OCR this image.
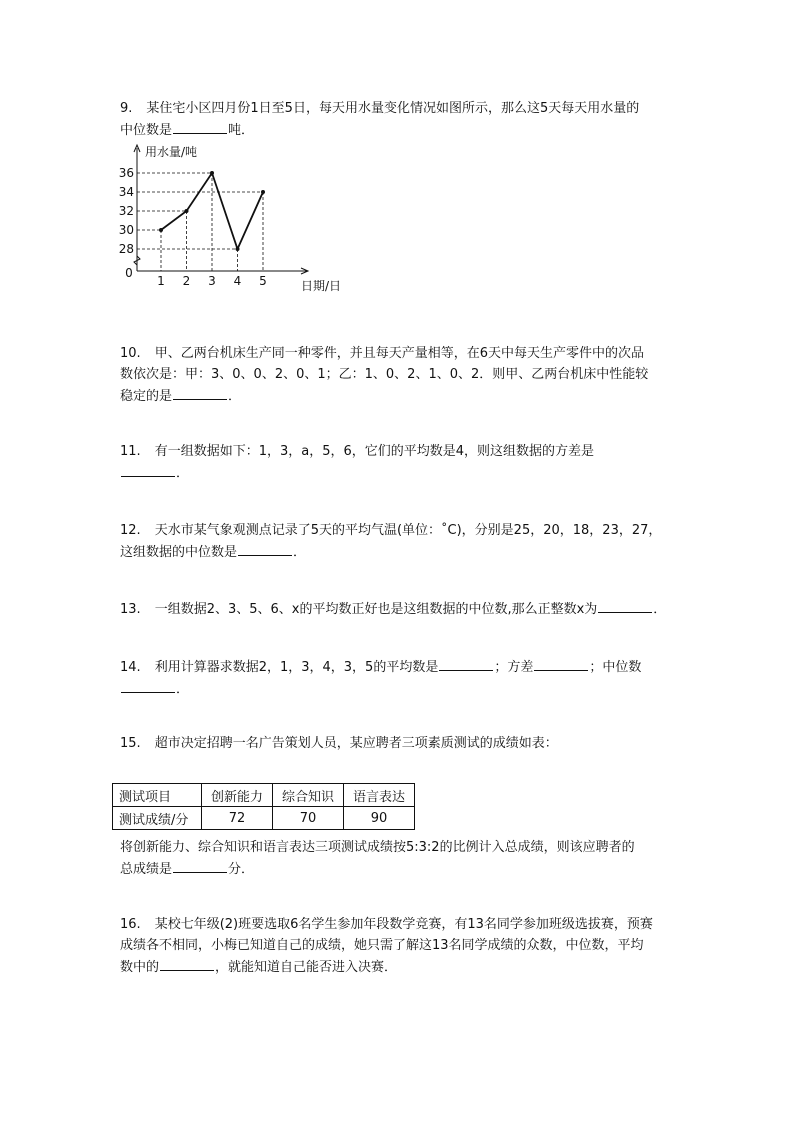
9. 某住宅小区四月份1日至5日，每天用水量变化情况如图所示，那么这5天每天用水量的
中位数是	吨．
用水量/吨
日期/日
0
36
34
32
30
28
1 2 3 4 5
10. 甲、乙两台机床生产同一种零件，并且每天产量相等，在6天中每天生产零件中的次品
数依次是：甲：3、0、0、2、0、1；乙：1、0、2、1、0、2．则甲、乙两台机床中性能较
稳定的是	．
11. 有一组数据如下：1，3，a，5，6，它们的平均数是4，则这组数据的方差是
．
12. 天水市某气象观测点记录了5天的平均气温(单位：˚C)，分别是25，20，18，23，27，
这组数据的中位数是	．
13. 一组数据2、3、5、6、x的平均数正好也是这组数据的中位数,那么正整数x为	．
14. 利用计算器求数据2，1，3，4，3，5的平均数是	；方差	；中位数
．
15. 超市决定招聘一名广告策划人员，某应聘者三项素质测试的成绩如表：
测试项目	创新能力	综合知识	语言表达
测试成绩/分	72	70	90
将创新能力、综合知识和语言表达三项测试成绩按5:3:2的比例计入总成绩，则该应聘者的
总成绩是	分．
16. 某校七年级(2)班要选取6名学生参加年段数学竞赛，有13名同学参加班级选拔赛，预赛
成绩各不相同，小梅已知道自己的成绩，她只需了解这13名同学成绩的众数，中位数，平均
数中的	，就能知道自己能否进入决赛．
